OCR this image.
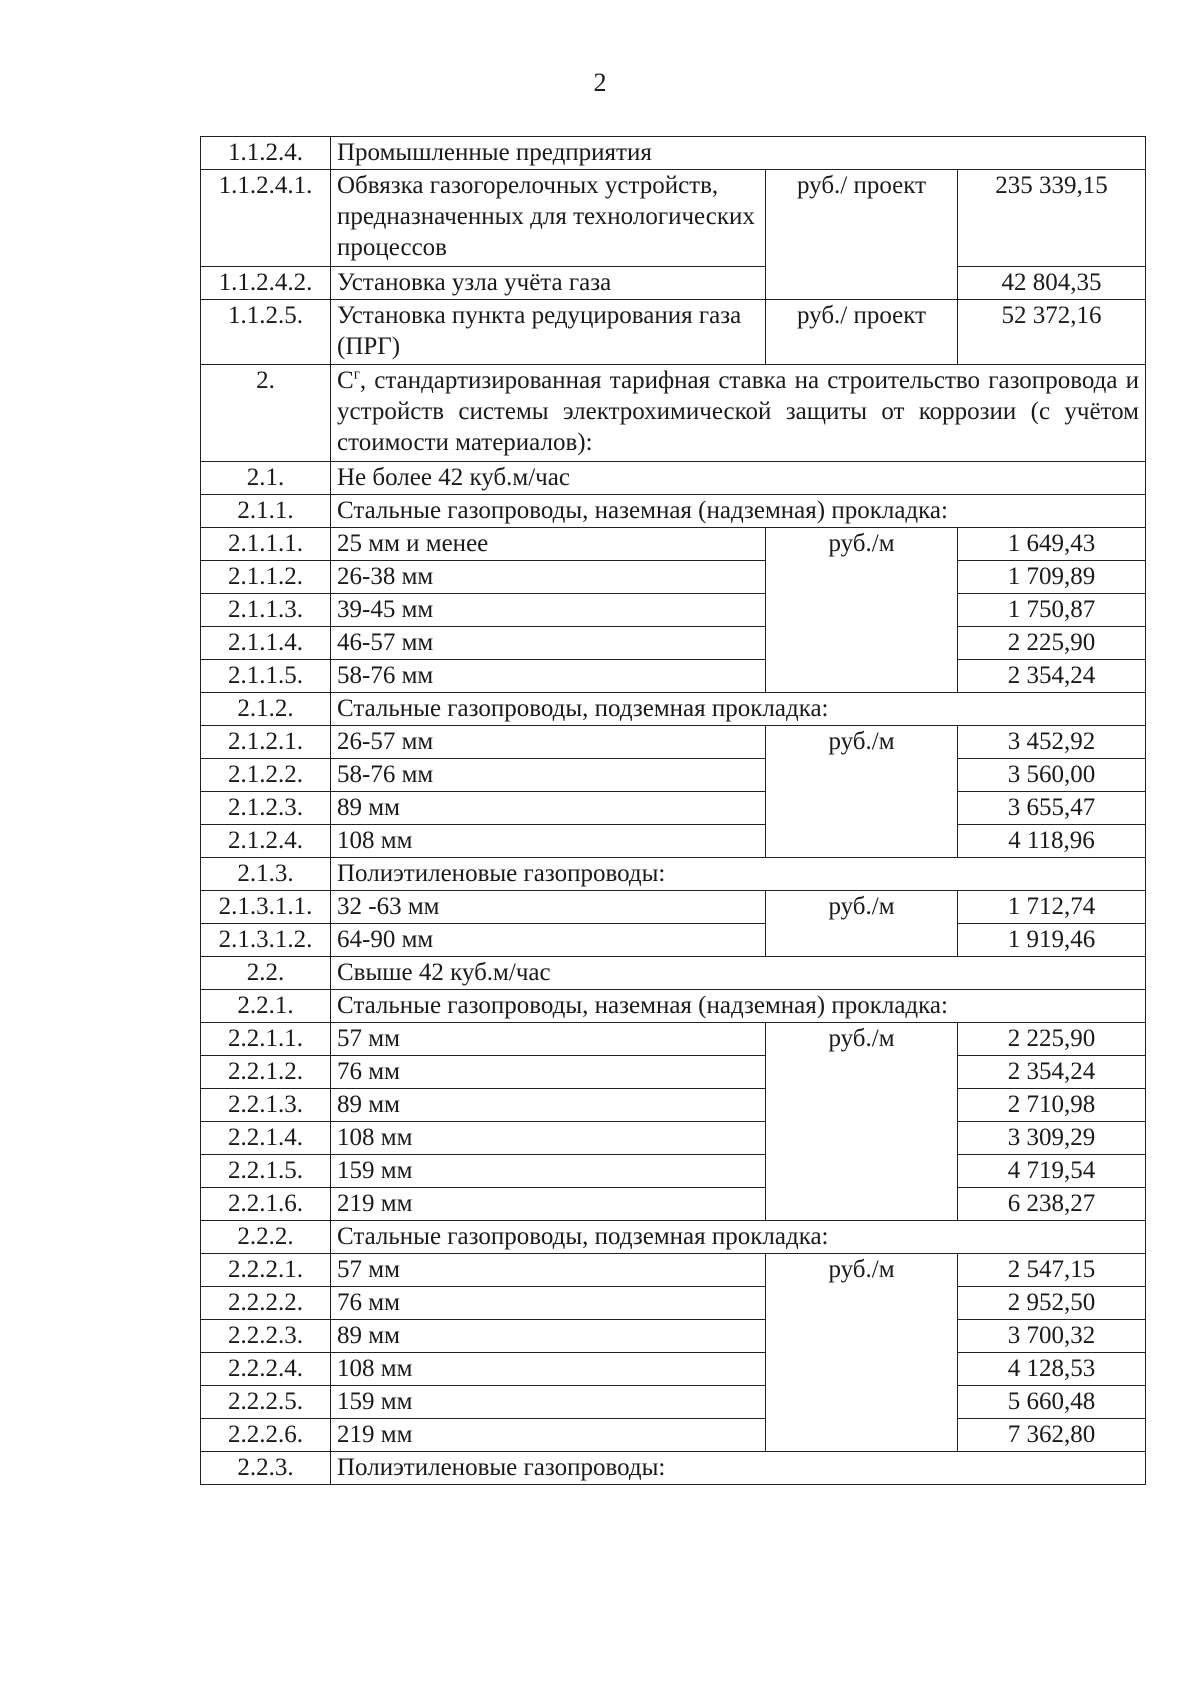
2
1.1.2.4.	Промышленные предприятия		
1.1.2.4.1.	Обвязка газогорелочных устройств, предназначенных для технологических процессов	руб./ проект	235 339,15
1.1.2.4.2.	Установка узла учёта газа		42 804,35
1.1.2.5.	Установка пункта редуцирования газа (ПРГ)	руб./ проект	52 372,16
2.	$С^г$, стандартизированная тарифная ставка на строительство газопровода и устройств системы электрохимической защиты от коррозии (с учётом стоимости материалов):		
2.1.	Не более 42 куб.м/час		
2.1.1.	Стальные газопроводы, наземная (надземная) прокладка:		
2.1.1.1.	25 мм и менее	руб./м	1 649,43
2.1.1.2.	26-38 мм		1 709,89
2.1.1.3.	39-45 мм		1 750,87
2.1.1.4.	46-57 мм		2 225,90
2.1.1.5.	58-76 мм		2 354,24
2.1.2.	Стальные газопроводы, подземная прокладка:		
2.1.2.1.	26-57 мм	руб./м	3 452,92
2.1.2.2.	58-76 мм		3 560,00
2.1.2.3.	89 мм		3 655,47
2.1.2.4.	108 мм		4 118,96
2.1.3.	Полиэтиленовые газопроводы:		
2.1.3.1.1.	32 -63 мм	руб./м	1 712,74
2.1.3.1.2.	64-90 мм		1 919,46
2.2.	Свыше 42 куб.м/час		
2.2.1.	Стальные газопроводы, наземная (надземная) прокладка:		
2.2.1.1.	57 мм	руб./м	2 225,90
2.2.1.2.	76 мм		2 354,24
2.2.1.3.	89 мм		2 710,98
2.2.1.4.	108 мм		3 309,29
2.2.1.5.	159 мм		4 719,54
2.2.1.6.	219 мм		6 238,27
2.2.2.	Стальные газопроводы, подземная прокладка:		
2.2.2.1.	57 мм	руб./м	2 547,15
2.2.2.2.	76 мм		2 952,50
2.2.2.3.	89 мм		3 700,32
2.2.2.4.	108 мм		4 128,53
2.2.2.5.	159 мм		5 660,48
2.2.2.6.	219 мм		7 362,80
2.2.3.	Полиэтиленовые газопроводы:		
